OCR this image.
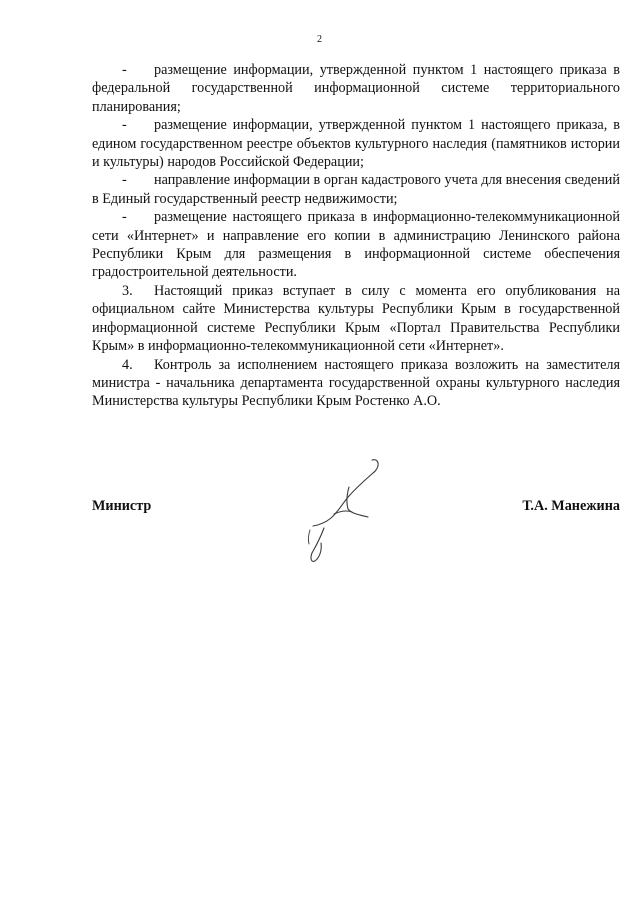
2

- размещение информации, утвержденной пунктом 1 настоящего приказа в федеральной государственной информационной системе территориального планирования;

- размещение информации, утвержденной пунктом 1 настоящего приказа, в едином государственном реестре объектов культурного наследия (памятников истории и культуры) народов Российской Федерации;

- направление информации в орган кадастрового учета для внесения сведений в Единый государственный реестр недвижимости;

- размещение настоящего приказа в информационно-телекоммуникационной сети «Интернет» и направление его копии в администрацию Ленинского района Республики Крым для размещения в информационной системе обеспечения градостроительной деятельности.

3. Настоящий приказ вступает в силу с момента его опубликования на официальном сайте Министерства культуры Республики Крым в государственной информационной системе Республики Крым «Портал Правительства Республики Крым» в информационно-телекоммуникационной сети «Интернет».

4. Контроль за исполнением настоящего приказа возложить на заместителя министра - начальника департамента государственной охраны культурного наследия Министерства культуры Республики Крым Ростенко А.О.

Министр	Т.А. Манежина
